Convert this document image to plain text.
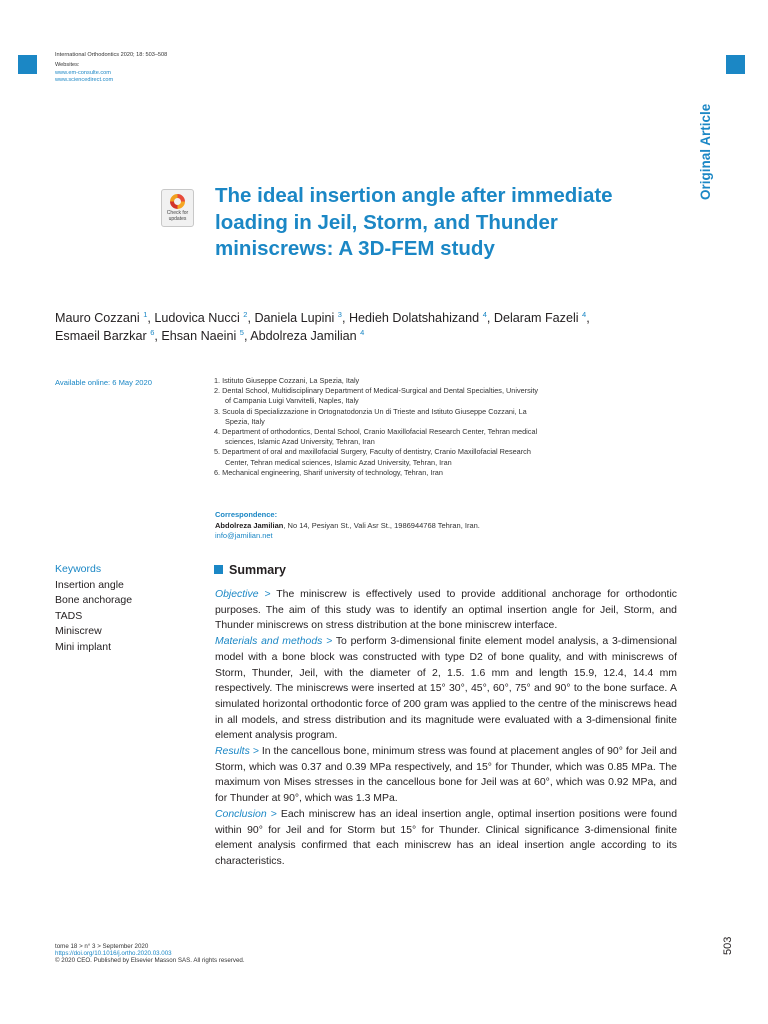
International Orthodontics 2020; 18: 503–508
Websites:
www.em-consulte.com
www.sciencedirect.com
Original Article
Check for
updates
The ideal insertion angle after immediate loading in Jeil, Storm, and Thunder miniscrews: A 3D-FEM study
Mauro Cozzani $^1$, Ludovica Nucci $^2$, Daniela Lupini $^3$, Hedieh Dolatshahizand $^4$, Delaram Fazeli $^4$,
Esmaeil Barzkar $^6$, Ehsan Naeini $^5$, Abdolreza Jamilian $^4$
Available online: 6 May 2020	1. Istituto Giuseppe Cozzani, La Spezia, Italy
2. Dental School, Multidisciplinary Department of Medical-Surgical and Dental Specialties, University of Campania Luigi Vanvitelli, Naples, Italy
3. Scuola di Specializzazione in Ortognatodonzia Un di Trieste and Istituto Giuseppe Cozzani, La Spezia, Italy
4. Department of orthodontics, Dental School, Cranio Maxillofacial Research Center, Tehran medical sciences, Islamic Azad University, Tehran, Iran
5. Department of oral and maxillofacial Surgery, Faculty of dentistry, Cranio Maxillofacial Research Center, Tehran medical sciences, Islamic Azad University, Tehran, Iran
6. Mechanical engineering, Sharif university of technology, Tehran, Iran
Correspondence:
Abdolreza Jamilian, No 14, Pesiyan St., Vali Asr St., 1986944768 Tehran, Iran.
info@jamilian.net
Keywords
Insertion angle
Bone anchorage
TADS
Miniscrew
Mini implant
Summary

Objective > The miniscrew is effectively used to provide additional anchorage for orthodontic purposes. The aim of this study was to identify an optimal insertion angle for Jeil, Storm, and Thunder miniscrews on stress distribution at the bone miniscrew interface.

Materials and methods > To perform 3-dimensional finite element model analysis, a 3-dimensional model with a bone block was constructed with type D2 of bone quality, and with miniscrews of Storm, Thunder, Jeil, with the diameter of 2, 1.5. 1.6 mm and length 15.9, 12.4, 14.4 mm respectively. The miniscrews were inserted at 15° 30°, 45°, 60°, 75° and 90° to the bone surface. A simulated horizontal orthodontic force of 200 gram was applied to the centre of the miniscrews head in all models, and stress distribution and its magnitude were evaluated with a 3-dimensional finite element analysis program.

Results > In the cancellous bone, minimum stress was found at placement angles of 90° for Jeil and Storm, which was 0.37 and 0.39 MPa respectively, and 15° for Thunder, which was 0.85 MPa. The maximum von Mises stresses in the cancellous bone for Jeil was at 60°, which was 0.92 MPa, and for Thunder at 90°, which was 1.3 MPa.

Conclusion > Each miniscrew has an ideal insertion angle, optimal insertion positions were found within 90° for Jeil and for Storm but 15° for Thunder. Clinical significance 3-dimensional finite element analysis confirmed that each miniscrew has an ideal insertion angle according to its characteristics.

tome 18 > n° 3 > September 2020
https://doi.org/10.1016/j.ortho.2020.03.003
© 2020 CEO. Published by Elsevier Masson SAS. All rights reserved.
503
